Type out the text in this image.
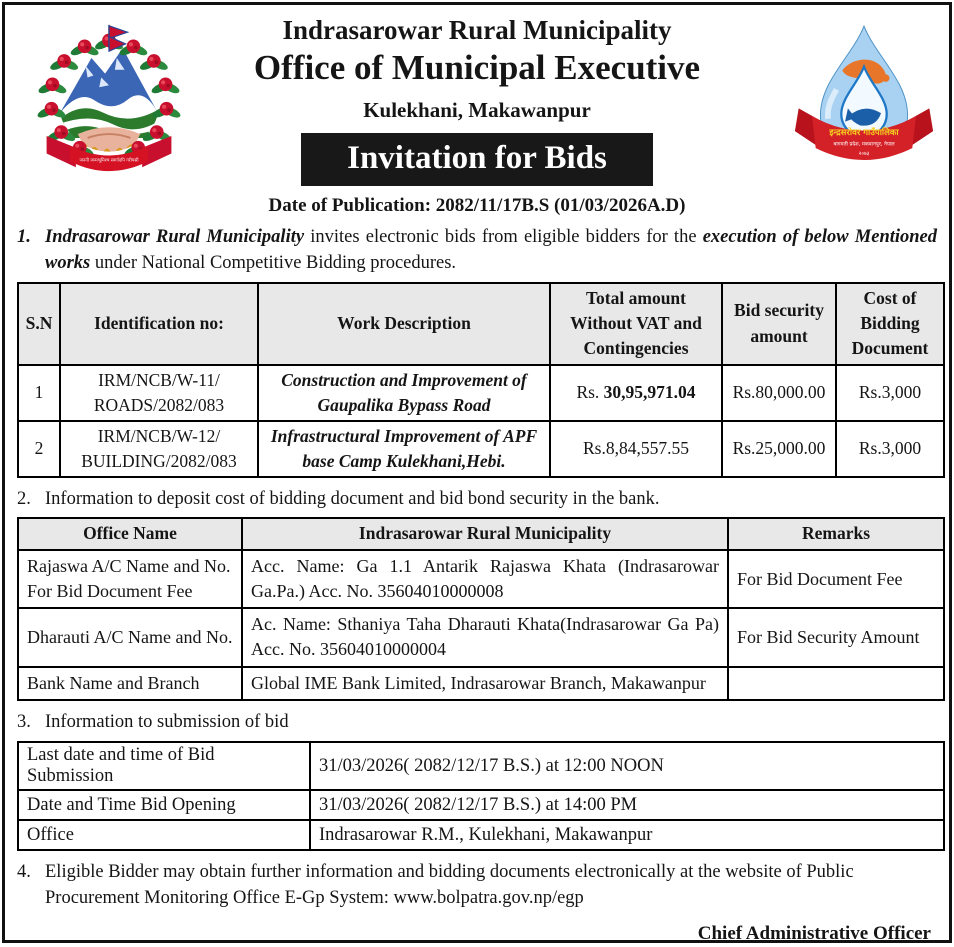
जननी जन्मभूमिश्च स्वर्गादपि गरीयसी
इन्द्रसरोवर गाउँपालिका
बागमती प्रदेश, मकवानपुर, नेपाल
२०७३
Indrasarowar Rural Municipality
Office of Municipal Executive
Kulekhani, Makawanpur
Invitation for Bids
Date of Publication: 2082/11/17B.S (01/03/2026A.D)
1. Indrasarowar Rural Municipality invites electronic bids from eligible bidders for the execution of below Mentioned works under National Competitive Bidding procedures.
S.N	Identification no:	Work Description	Total amount Without VAT and Contingencies	Bid security amount	Cost of Bidding Document
1	IRM/NCB/W-11/
ROADS/2082/083	Construction and Improvement of Gaupalika Bypass Road	Rs. 30,95,971.04	Rs.80,000.00	Rs.3,000
2	IRM/NCB/W-12/
BUILDING/2082/083	Infrastructural Improvement of APF base Camp Kulekhani,Hebi.	Rs.8,84,557.55	Rs.25,000.00	Rs.3,000
2. Information to deposit cost of bidding document and bid bond security in the bank.
Office Name	Indrasarowar Rural Municipality	Remarks
Rajaswa A/C Name and No. For Bid Document Fee	Acc. Name: Ga 1.1 Antarik Rajaswa Khata (Indrasarowar Ga.Pa.) Acc. No. 35604010000008	For Bid Document Fee
Dharauti A/C Name and No.	Ac. Name: Sthaniya Taha Dharauti Khata(Indrasarowar Ga Pa) Acc. No. 35604010000004	For Bid Security Amount
Bank Name and Branch	Global IME Bank Limited, Indrasarowar Branch, Makawanpur	
3. Information to submission of bid
Last date and time of Bid Submission	31/03/2026( 2082/12/17 B.S.) at 12:00 NOON
Date and Time Bid Opening	31/03/2026( 2082/12/17 B.S.) at 14:00 PM
Office	Indrasarowar R.M., Kulekhani, Makawanpur
4. Eligible Bidder may obtain further information and bidding documents electronically at the website of Public Procurement Monitoring Office E-Gp System: www.bolpatra.gov.np/egp
Chief Administrative Officer
